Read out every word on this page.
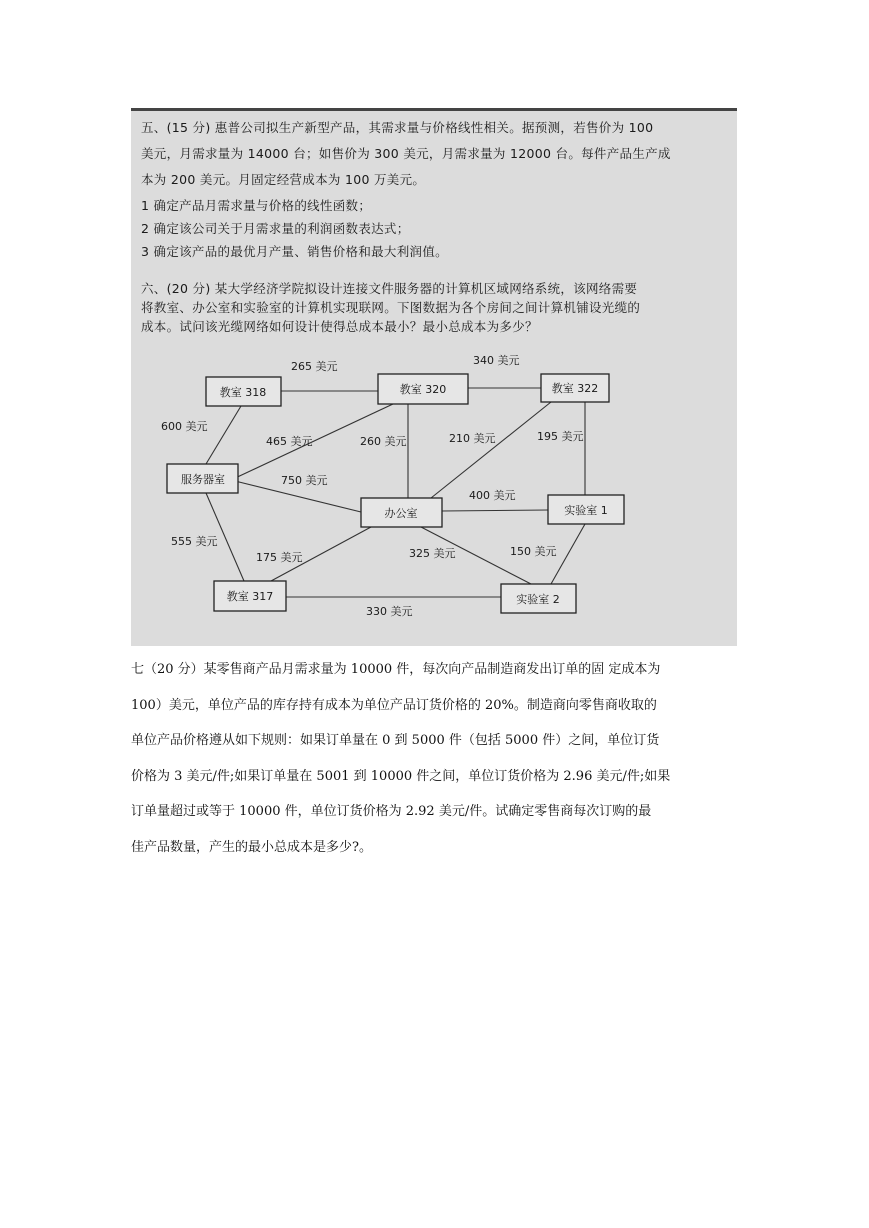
五、(15 分) 惠普公司拟生产新型产品，其需求量与价格线性相关。据预测，若售价为 100
美元，月需求量为 14000 台；如售价为 300 美元，月需求量为 12000 台。每件产品生产成
本为 200 美元。月固定经营成本为 100 万美元。
1 确定产品月需求量与价格的线性函数；
2 确定该公司关于月需求量的利润函数表达式；
3 确定该产品的最优月产量、销售价格和最大利润值。
六、(20 分) 某大学经济学院拟设计连接文件服务器的计算机区域网络系统，该网络需要
将教室、办公室和实验室的计算机实现联网。下图数据为各个房间之间计算机铺设光缆的
成本。试问该光缆网络如何设计使得总成本最小？最小总成本为多少？
265 美元	340 美元
600 美元
465 美元	260 美元	210 美元	195 美元
750 美元
400 美元
555 美元
175 美元	325 美元	150 美元
330 美元
教室 318	教室 320	教室 322
服务器室
办公室	实验室 1
教室 317	实验室 2
七（20 分）某零售商产品月需求量为 10000 件，每次向产品制造商发出订单的固 定成本为
100）美元，单位产品的库存持有成本为单位产品订货价格的 20%。制造商向零售商收取的
单位产品价格遵从如下规则：如果订单量在 0 到 5000 件（包括 5000 件）之间，单位订货
价格为 3 美元/件;如果订单量在 5001 到 10000 件之间，单位订货价格为 2.96 美元/件;如果
订单量超过或等于 10000 件，单位订货价格为 2.92 美元/件。试确定零售商每次订购的最
佳产品数量，产生的最小总成本是多少?。
